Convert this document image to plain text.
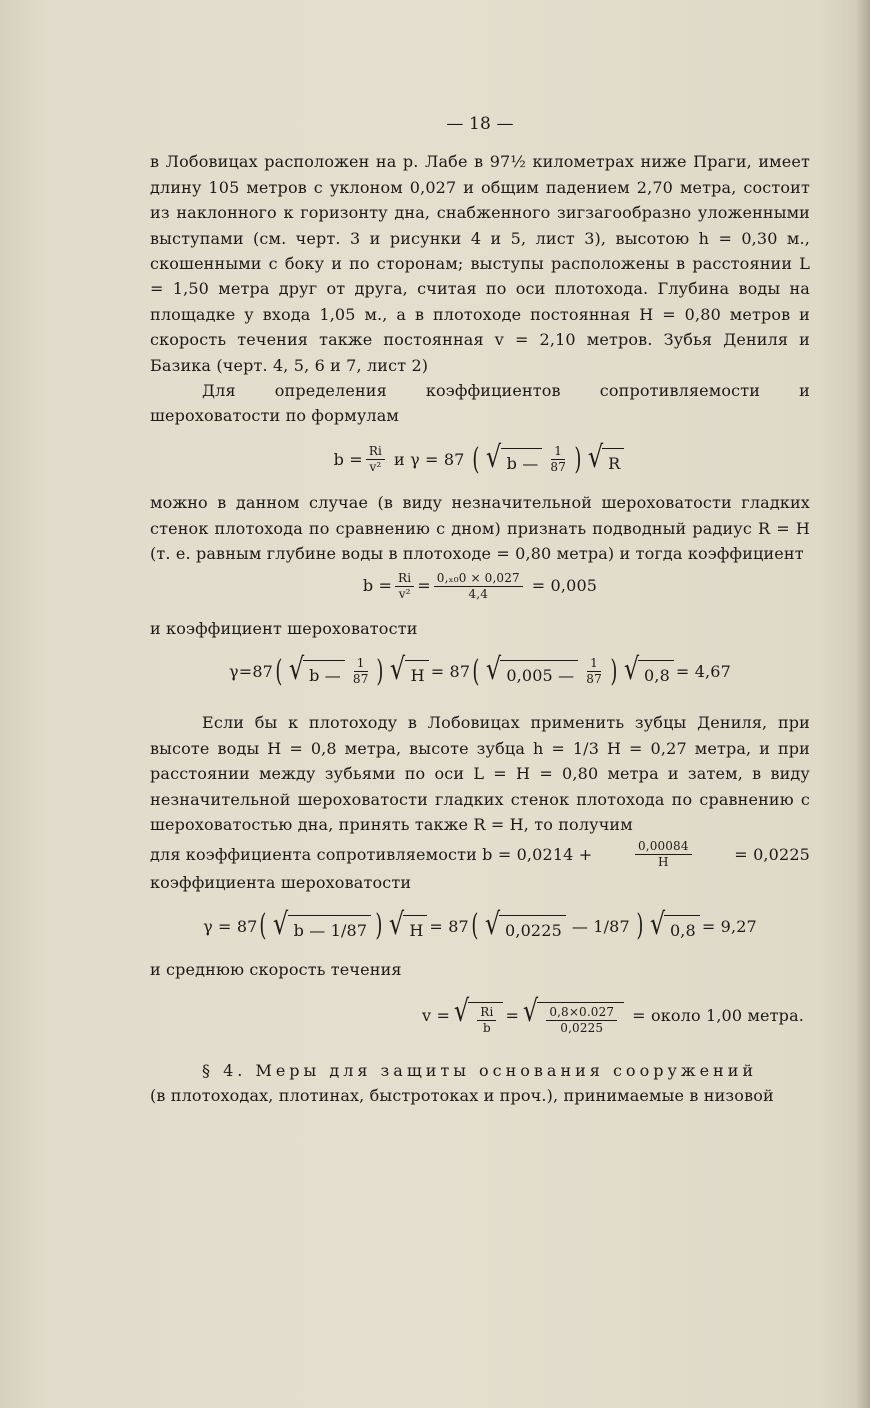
— 18 —

в Лобовицах расположен на р. Лабе в 97½ километрах ниже Праги, имеет длину 105 метров с уклоном 0,027 и общим падением 2,70 метра, состоит из наклонного к горизонту дна, снабженного зигзагообразно уложенными выступами (см. черт. 3 и рисунки 4 и 5, лист 3), высотою h = 0,30 м., скошенными с боку и по сторонам; выступы расположены в расстоянии L = 1,50 метра друг от друга, считая по оси плотохода. Глубина воды на площадке у входа 1,05 м., а в плотоходе постоянная H = 0,80 метров и скорость течения также постоянная v = 2,10 метров. Зубья Дениля и Базика (черт. 4, 5, 6 и 7, лист 2)

Для определения коэффициентов сопротивляемости и шероховатости по формулам

$b = \frac{Ri}{\text{v²}}$ и γ = 87 ( √ b — $\frac{1}{87}$ ) √ R

можно в данном случае (в виду незначительной шероховатости гладких стенок плотохода по сравнению с дном) признать подводный радиус R = H (т. е. равным глубине воды в плотоходе = 0,80 метра) и тогда коэффициент

$b = \frac{Ri}{\text{v²}} = \frac{\text{0,ₓ₀0 × 0,027}}{4,4} = 0,005$

и коэффициент шероховатости

γ=87 ( √ b — $\frac{1}{87}$ ) √ H = 87 ( √ 0,005 — $\frac{1}{87}$ ) √ 0,8 = 4,67

Если бы к плотоходу в Лобовицах применить зубцы Дениля, при высоте воды H = 0,8 метра, высоте зубца h = 1/3 H = 0,27 метра, и при расстоянии между зубьями по оси L = H = 0,80 метра и затем, в виду незначительной шероховатости гладких стенок плотохода по сравнению с шероховатостью дна, принять также R = H, то получим

для коэффициента сопротивляемости b = 0,0214 +	$\frac{0,00084}{H}$	= 0,0225

коэффициента шероховатости

γ = 87 ( √ b — 1/87 ) √ H = 87 ( √ 0,0225 — 1/87 ) √ 0,8 = 9,27

и среднюю скорость течения

v = √ $\frac{Ri}{b}$ = √ $\frac{0,8\times 0.027}{0,0225}$ = около 1,00 метра.

§ 4. Меры для защиты основания сооружений

(в плотоходах, плотинах, быстротоках и проч.), принимаемые в низовой
